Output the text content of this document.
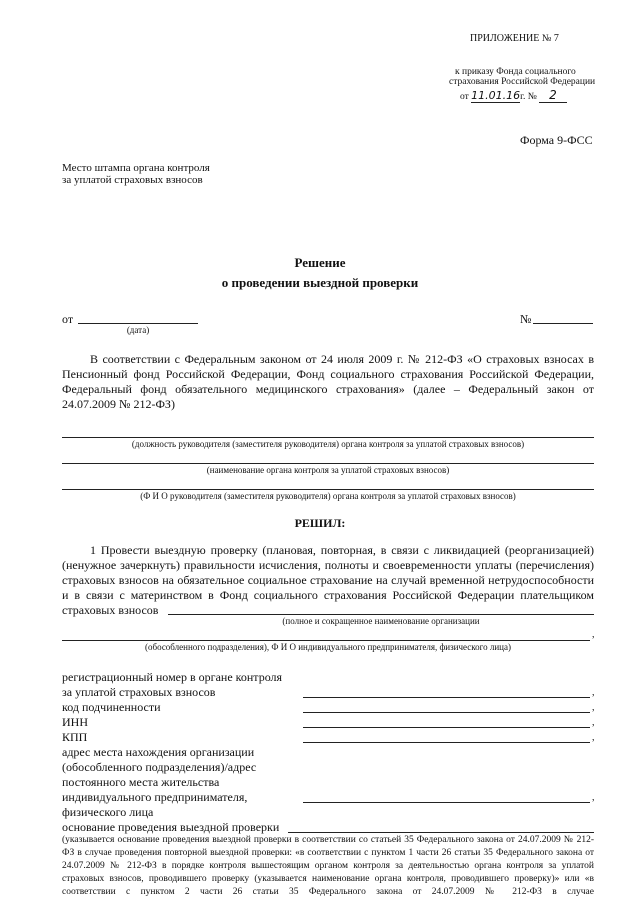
ПРИЛОЖЕНИЕ № 7
к приказу Фонда социального
страхования Российской Федерации
от 11.01.16г. № 2
Форма 9-ФСС
Место штампа органа контроля
за уплатой страховых взносов
Решение
о проведении выездной проверки
от
(дата)
№
В соответствии с Федеральным законом от 24 июля 2009 г. № 212-ФЗ «О страховых взносах в Пенсионный фонд Российской Федерации, Фонд социального страхования Российской Федерации, Федеральный фонд обязательного медицинского страхования» (далее – Федеральный закон от 24.07.2009 № 212-ФЗ)
(должность руководителя (заместителя руководителя) органа контроля за уплатой страховых взносов)
(наименование органа контроля за уплатой страховых взносов)
(Ф И О руководителя (заместителя руководителя) органа контроля за уплатой страховых взносов)
РЕШИЛ:
1 Провести выездную проверку (плановая, повторная, в связи с ликвидацией (реорганизацией) (ненужное зачеркнуть) правильности исчисления, полноты и своевременности уплаты (перечисления) страховых взносов на обязательное социальное страхование на случай временной нетрудоспособности и в связи с материнством в Фонд социального страхования Российской Федерации плательщиком
страховых взносов
(полное и сокращенное наименование организации
,
(обособленного подразделения), Ф И О индивидуального предпринимателя, физического лица)
регистрационный номер в органе контроля
за уплатой страховых взносов	,
код подчиненности	,
ИНН	,
КПП	,
адрес места нахождения организации
(обособленного подразделения)/адрес
постоянного места жительства
индивидуального предпринимателя,
физического лица
,
основание проведения выездной проверки
(указывается основание проведения выездной проверки в соответствии со статьей 35 Федерального закона от 24.07.2009 № 212-ФЗ в случае проведения повторной выездной проверки: «в соответствии с пунктом 1 части 26 статьи 35 Федерального закона от 24.07.2009 № 212-ФЗ в порядке контроля вышестоящим органом контроля за деятельностью органа контроля за уплатой страховых взносов, проводившего проверку (указывается наименование органа контроля, проводившего проверку)» или «в соответствии с пунктом 2 части 26 статьи 35 Федерального закона от 24.07.2009 № 212-ФЗ в случае
